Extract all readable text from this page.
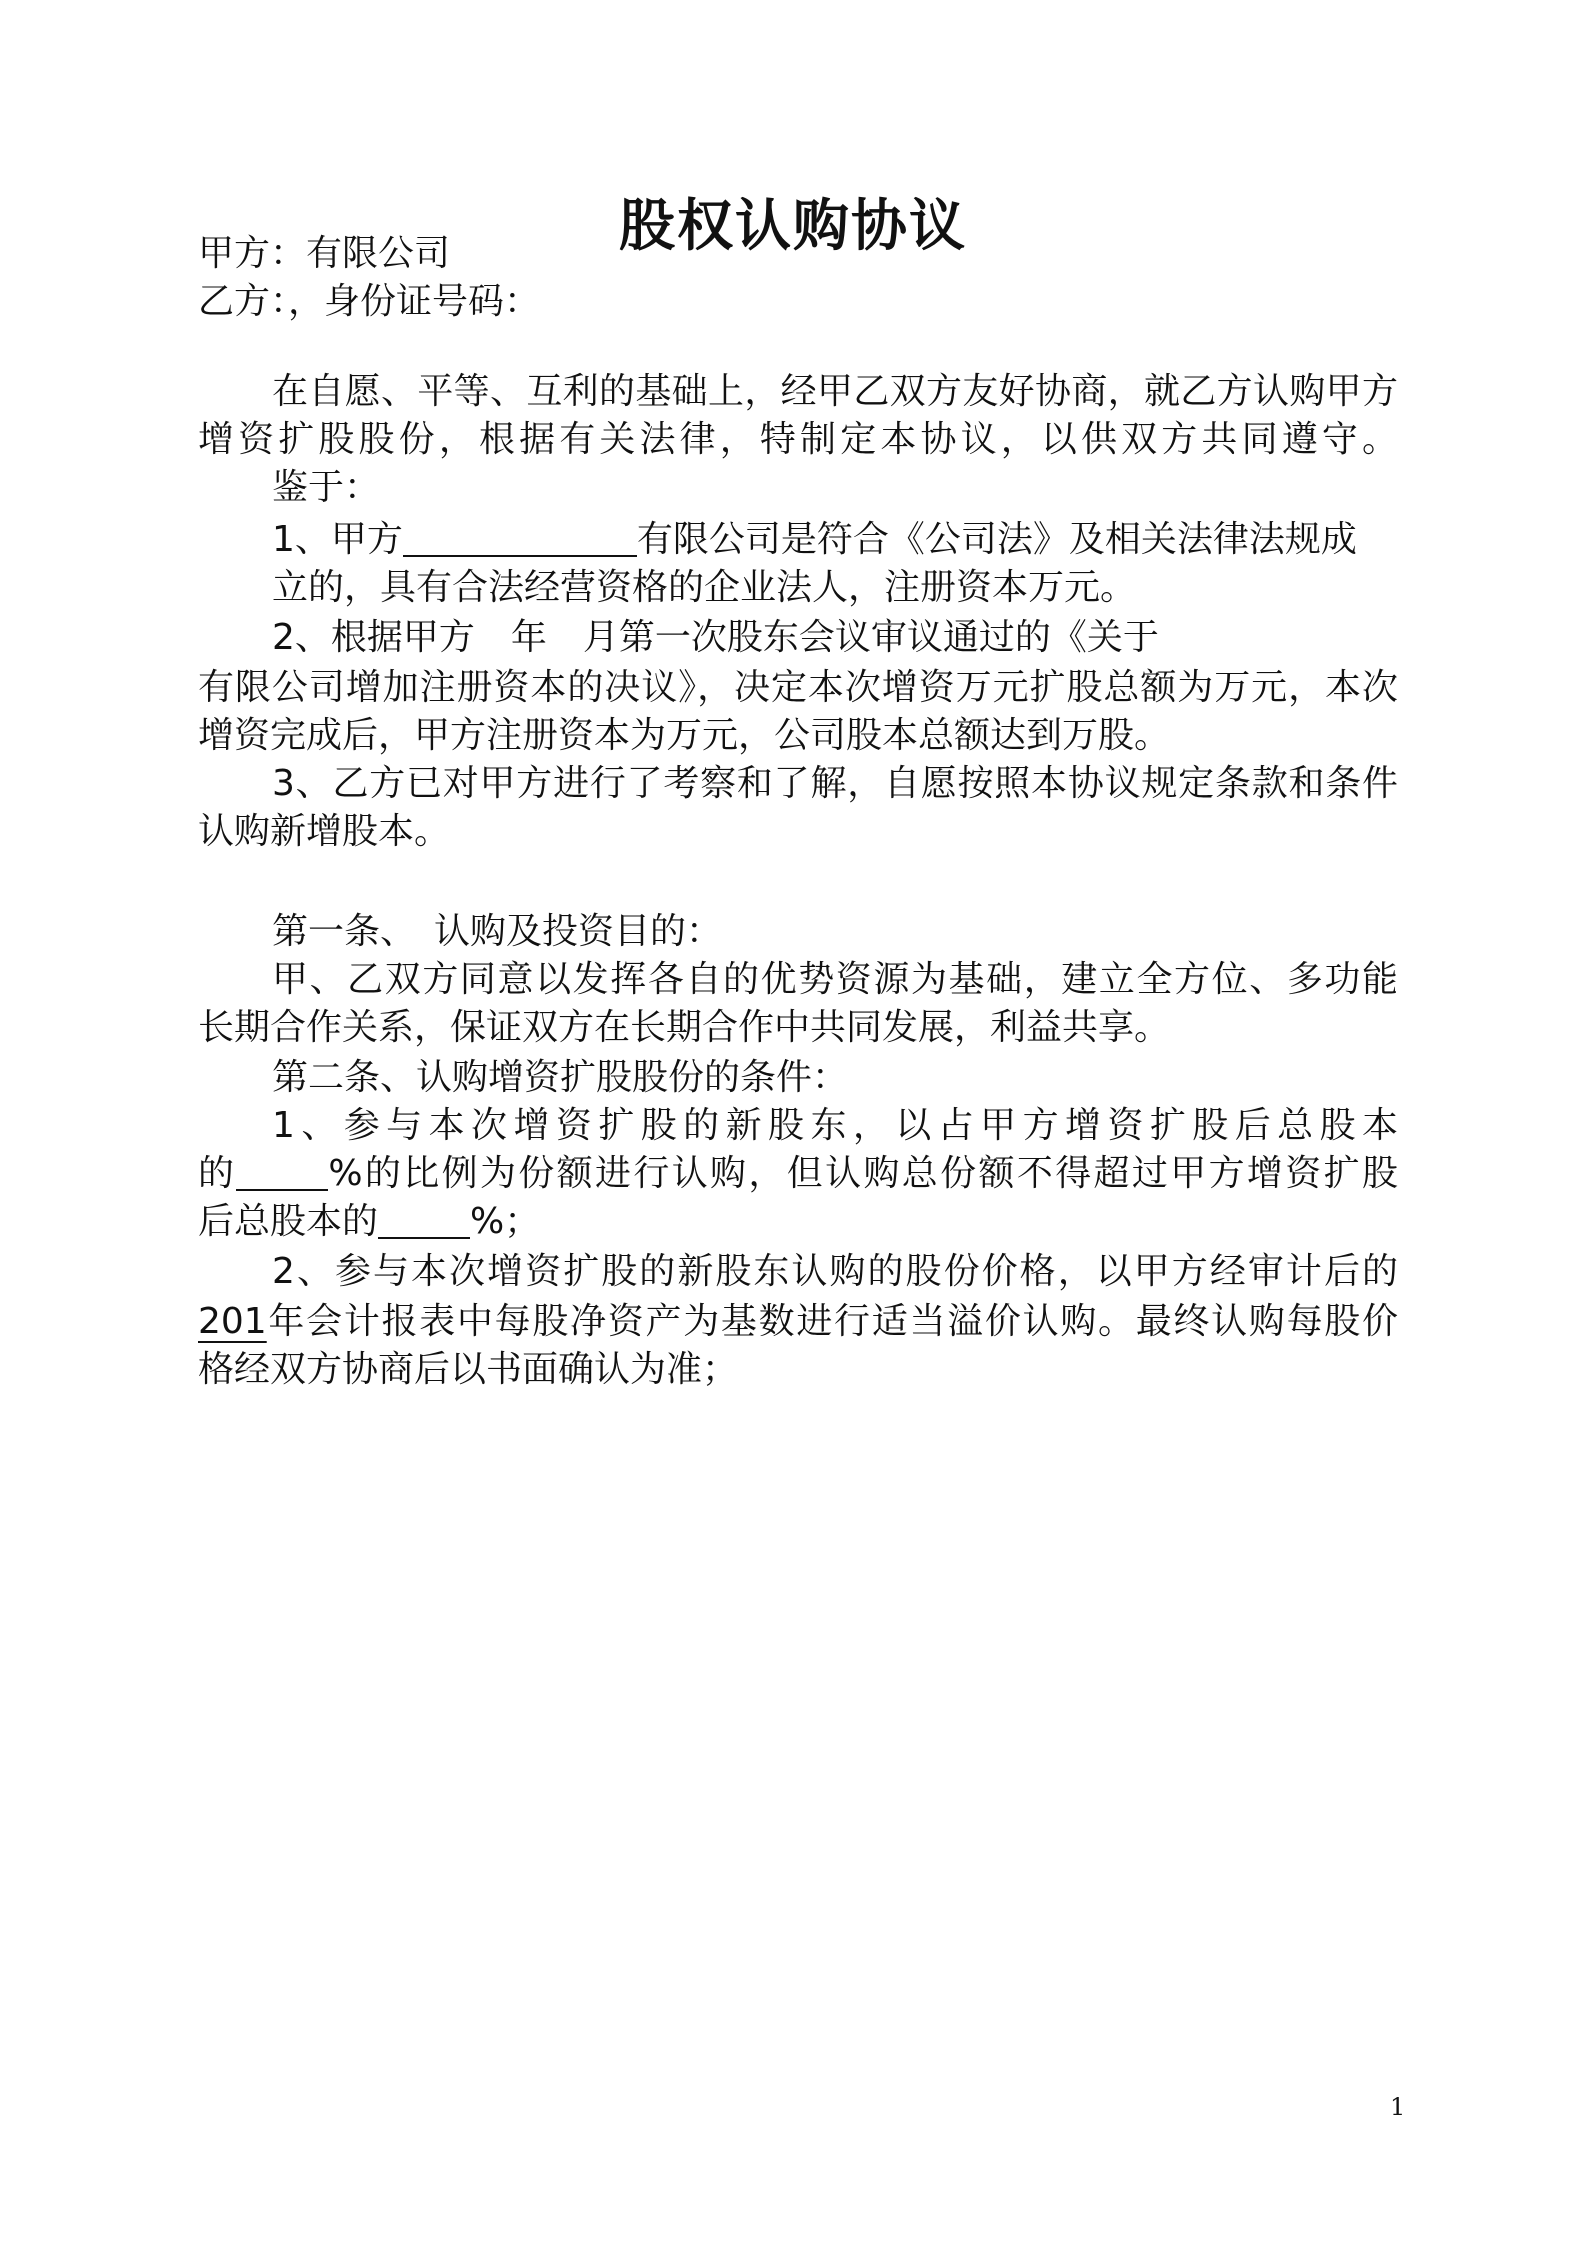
股权认购协议

甲方：有限公司

乙方：，身份证号码：

在自愿、平等、互利的基础上，经甲乙双方友好协商，就乙方认购甲方

增资扩股股份，根据有关法律，特制定本协议，以供双方共同遵守。

鉴于：

1、甲方	有限公司是符合《公司法》及相关法律法规成

立的，具有合法经营资格的企业法人，注册资本万元。

2、根据甲方　年　月第一次股东会议审议通过的《关于

有限公司增加注册资本的决议》，决定本次增资万元扩股总额为万元，本次

增资完成后，甲方注册资本为万元，公司股本总额达到万股。

3、乙方已对甲方进行了考察和了解，自愿按照本协议规定条款和条件

认购新增股本。

第一条、　认购及投资目的：

甲、乙双方同意以发挥各自的优势资源为基础，建立全方位、多功能

长期合作关系，保证双方在长期合作中共同发展，利益共享。

第二条、认购增资扩股股份的条件：

1、参与本次增资扩股的新股东，以占甲方增资扩股后总股本

的	%的比例为份额进行认购，但认购总份额不得超过甲方增资扩股

后总股本的	%；

2、参与本次增资扩股的新股东认购的股份价格，以甲方经审计后的

201年会计报表中每股净资产为基数进行适当溢价认购。最终认购每股价

格经双方协商后以书面确认为准；

1
